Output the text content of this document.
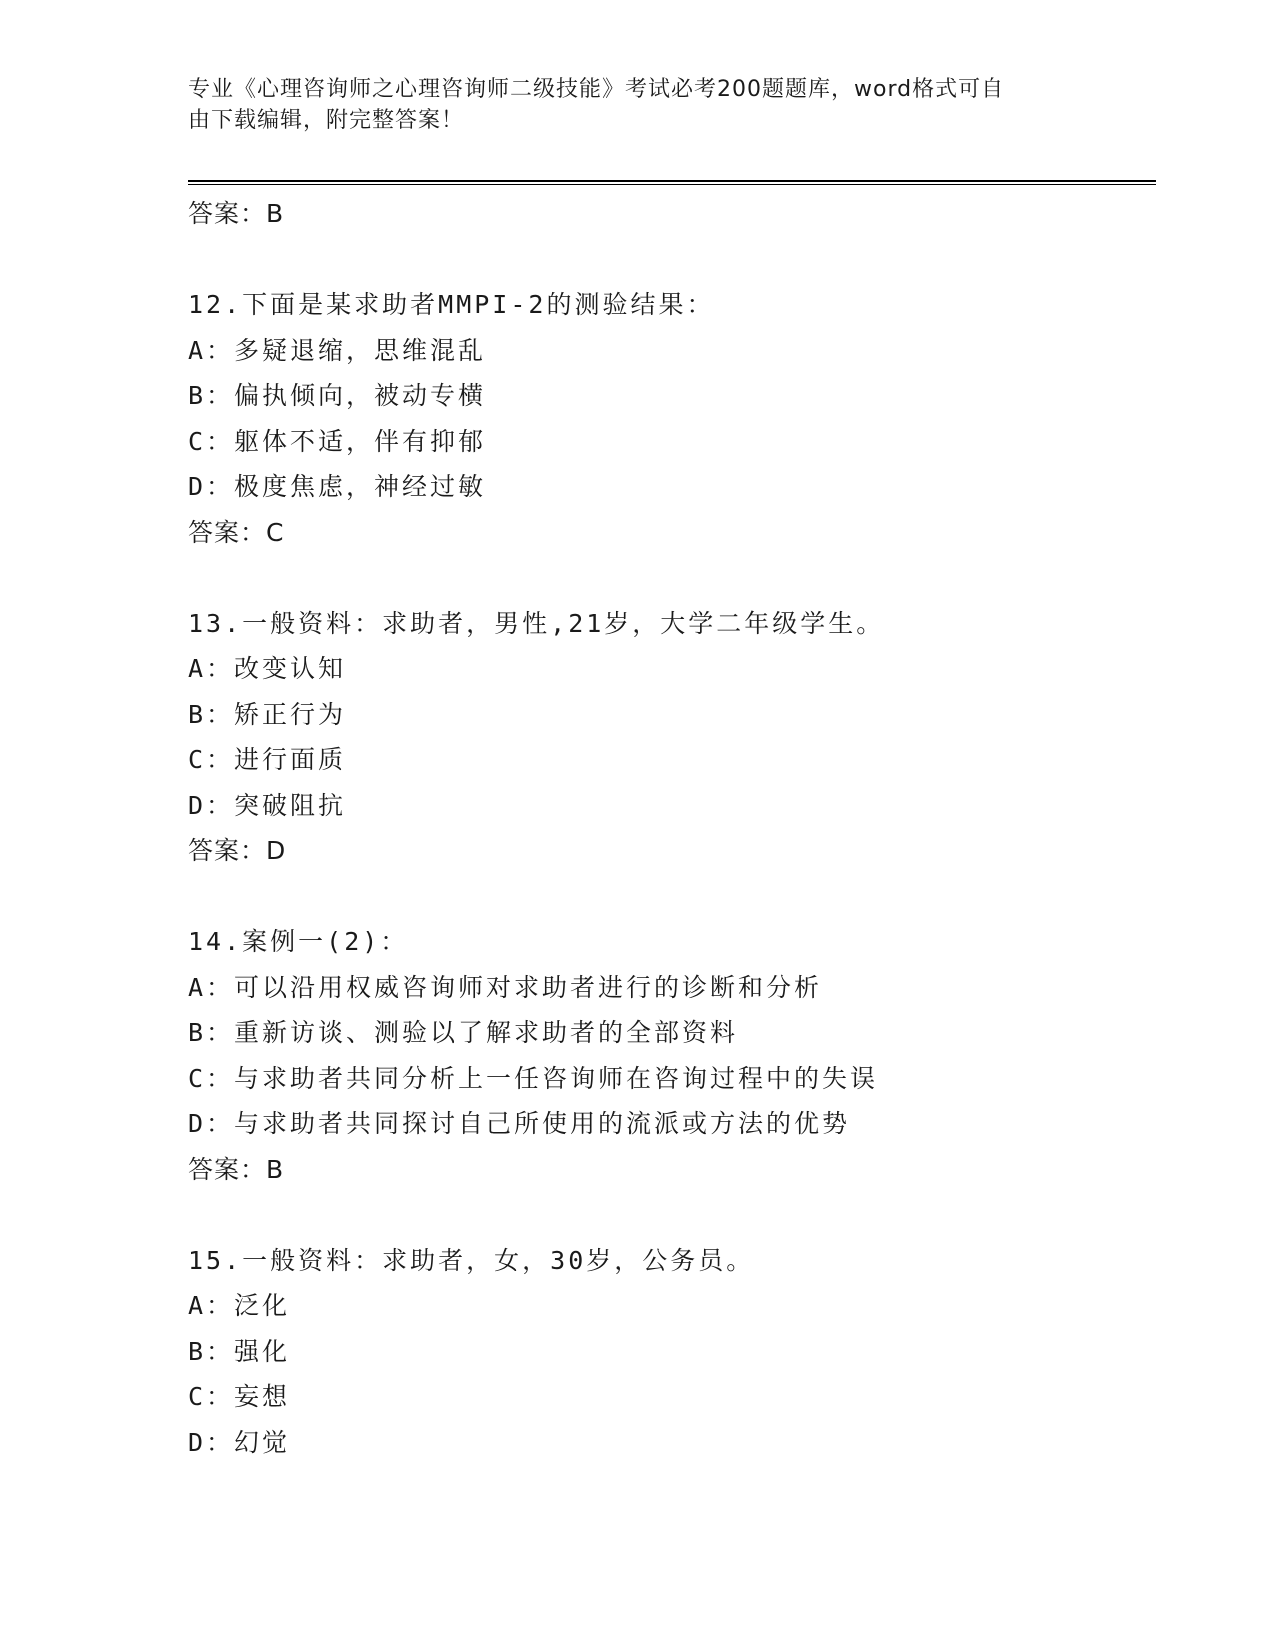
专业《心理咨询师之心理咨询师二级技能》考试必考200题题库，word格式可自
由下载编辑，附完整答案！
答案：B
12.下面是某求助者MMPI-2的测验结果：
A：多疑退缩，思维混乱
B：偏执倾向，被动专横
C：躯体不适，伴有抑郁
D：极度焦虑，神经过敏
答案：C
13.一般资料：求助者，男性,21岁，大学二年级学生。
A：改变认知
B：矫正行为
C：进行面质
D：突破阻抗
答案：D
14.案例一(2)：
A：可以沿用权威咨询师对求助者进行的诊断和分析
B：重新访谈、测验以了解求助者的全部资料
C：与求助者共同分析上一任咨询师在咨询过程中的失误
D：与求助者共同探讨自己所使用的流派或方法的优势
答案：B
15.一般资料：求助者，女，30岁，公务员。
A：泛化
B：强化
C：妄想
D：幻觉
